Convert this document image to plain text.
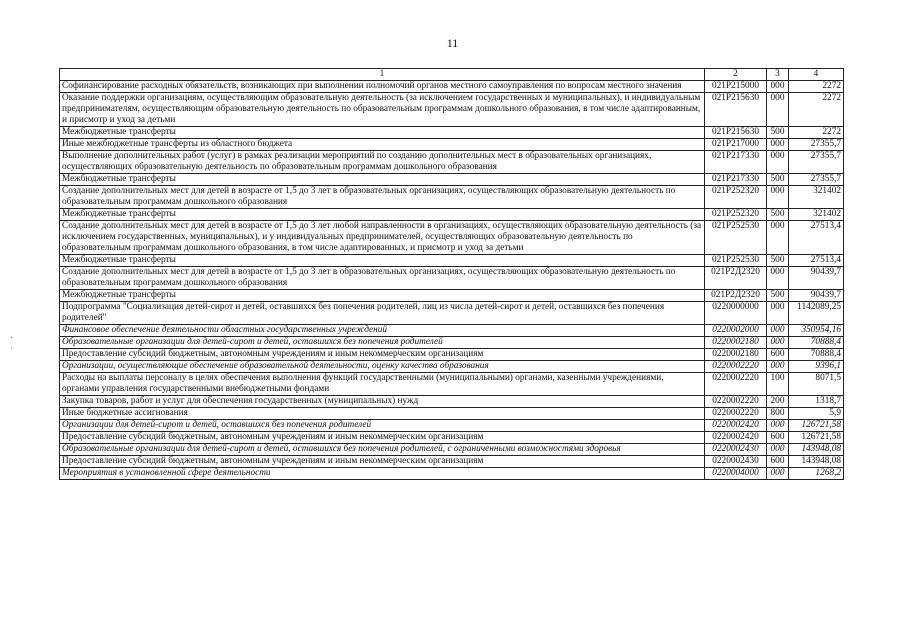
11
1	2	3	4
Софинансирование расходных обязательств, возникающих при выполнении полномочий органов местного самоуправления по вопросам местного значения	021P215000	000	2272
Оказание поддержки организациям, осуществляющим образовательную деятельность (за исключением государственных и муниципальных), и индивидуальным предпринимателям, осуществляющим образовательную деятельность по образовательным программам дошкольного образования, в том числе адаптированным, и присмотр и уход за детьми	021P215630	000	2272
Межбюджетные трансферты	021P215630	500	2272
Иные межбюджетные трансферты из областного бюджета	021P217000	000	27355,7
Выполнение дополнительных работ (услуг) в рамках реализации мероприятий по созданию дополнительных мест в образовательных организациях, осуществляющих образовательную деятельность по образовательным программам дошкольного образования	021P217330	000	27355,7
Межбюджетные трансферты	021P217330	500	27355,7
Создание дополнительных мест для детей в возрасте от 1,5 до 3 лет в образовательных организациях, осуществляющих образовательную деятельность по образовательным программам дошкольного образования	021P252320	000	321402
Межбюджетные трансферты	021P252320	500	321402
Создание дополнительных мест для детей в возрасте от 1,5 до 3 лет любой направленности в организациях, осуществляющих образовательную деятельность (за исключением государственных, муниципальных), и у индивидуальных предпринимателей, осуществляющих образовательную деятельность по образовательным программам дошкольного образования, в том числе адаптированных, и присмотр и уход за детьми	021P252530	000	27513,4
Межбюджетные трансферты	021P252530	500	27513,4
Создание дополнительных мест для детей в возрасте от 1,5 до 3 лет в образовательных организациях, осуществляющих образовательную деятельность по образовательным программам дошкольного образования	021Р2Д2320	000	90439,7
Межбюджетные трансферты	021Р2Д2320	500	90439,7
Подпрограмма "Социализация детей-сирот и детей, оставшихся без попечения родителей, лиц из числа детей-сирот и детей, оставшихся без попечения родителей"	0220000000	000	1142089,25
Финансовое обеспечение деятельности областных государственных учреждений	0220002000	000	350954,16
Образовательные организации для детей-сирот и детей, оставшихся без попечения родителей	0220002180	000	70888,4
Предоставление субсидий бюджетным, автономным учреждениям и иным некоммерческим организациям	0220002180	600	70888,4
Организации, осуществляющие обеспечение образовательной деятельности, оценку качества образования	0220002220	000	9396,1
Расходы на выплаты персоналу в целях обеспечения выполнения функций государственными (муниципальными) органами, казенными учреждениями, органами управления государственными внебюджетными фондами	0220002220	100	8071,5
Закупка товаров, работ и услуг для обеспечения государственных (муниципальных) нужд	0220002220	200	1318,7
Иные бюджетные ассигнования	0220002220	800	5,9
Организации для детей-сирот и детей, оставшихся без попечения родителей	0220002420	000	126721,58
Предоставление субсидий бюджетным, автономным учреждениям и иным некоммерческим организациям	0220002420	600	126721,58
Образовательные организации для детей-сирот и детей, оставшихся без попечения родителей, с ограниченными возможностями здоровья	0220002430	000	143948,08
Предоставление субсидий бюджетным, автономным учреждениям и иным некоммерческим организациям	0220002430	600	143948,08
Мероприятия в установленной сфере деятельности	0220004000	000	1268,2
·
ˈ
